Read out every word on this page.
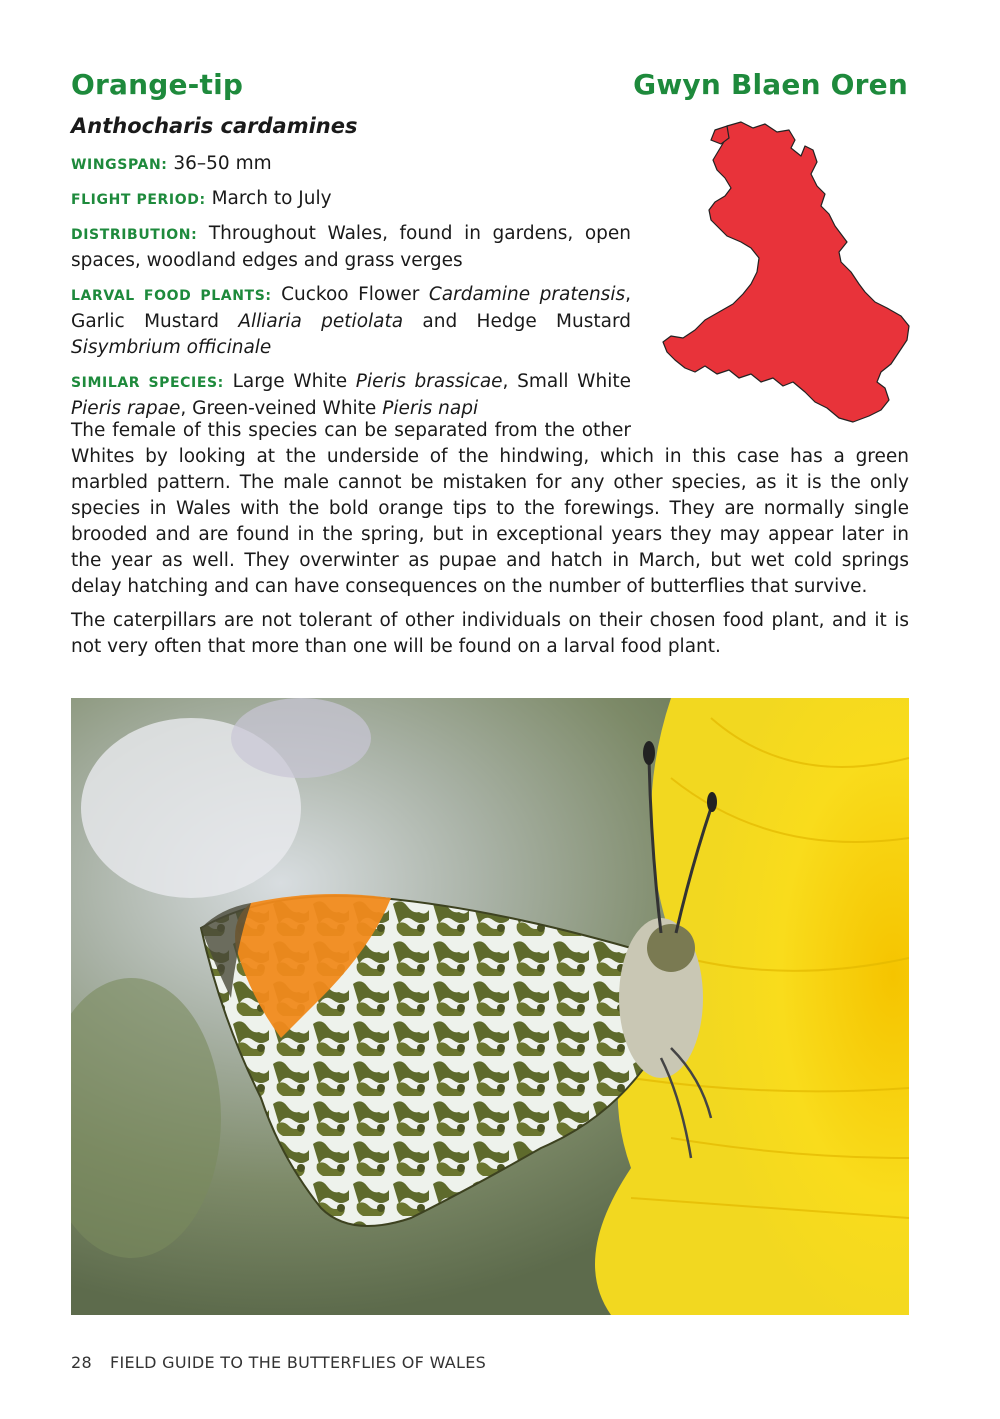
Orange-tip	Gwyn Blaen Oren
Anthocharis cardamines

WINGSPAN: 36–50 mm

FLIGHT PERIOD: March to July

DISTRIBUTION: Throughout Wales, found in gardens, open spaces, woodland edges and grass verges

LARVAL FOOD PLANTS: Cuckoo Flower Cardamine pratensis, Garlic Mustard Alliaria petiolata and Hedge Mustard Sisymbrium officinale

SIMILAR SPECIES: Large White Pieris brassicae, Small White Pieris rapae, Green-veined White Pieris napi

The female of this species can be separated from the other

Whites by looking at the underside of the hindwing, which in this case has a green marbled pattern. The male cannot be mistaken for any other species, as it is the only species in Wales with the bold orange tips to the forewings. They are normally single brooded and are found in the spring, but in exceptional years they may appear later in the year as well. They overwinter as pupae and hatch in March, but wet cold springs delay hatching and can have consequences on the number of butterflies that survive.

The caterpillars are not tolerant of other individuals on their chosen food plant, and it is not very often that more than one will be found on a larval food plant.

28 FIELD GUIDE TO THE BUTTERFLIES OF WALES
